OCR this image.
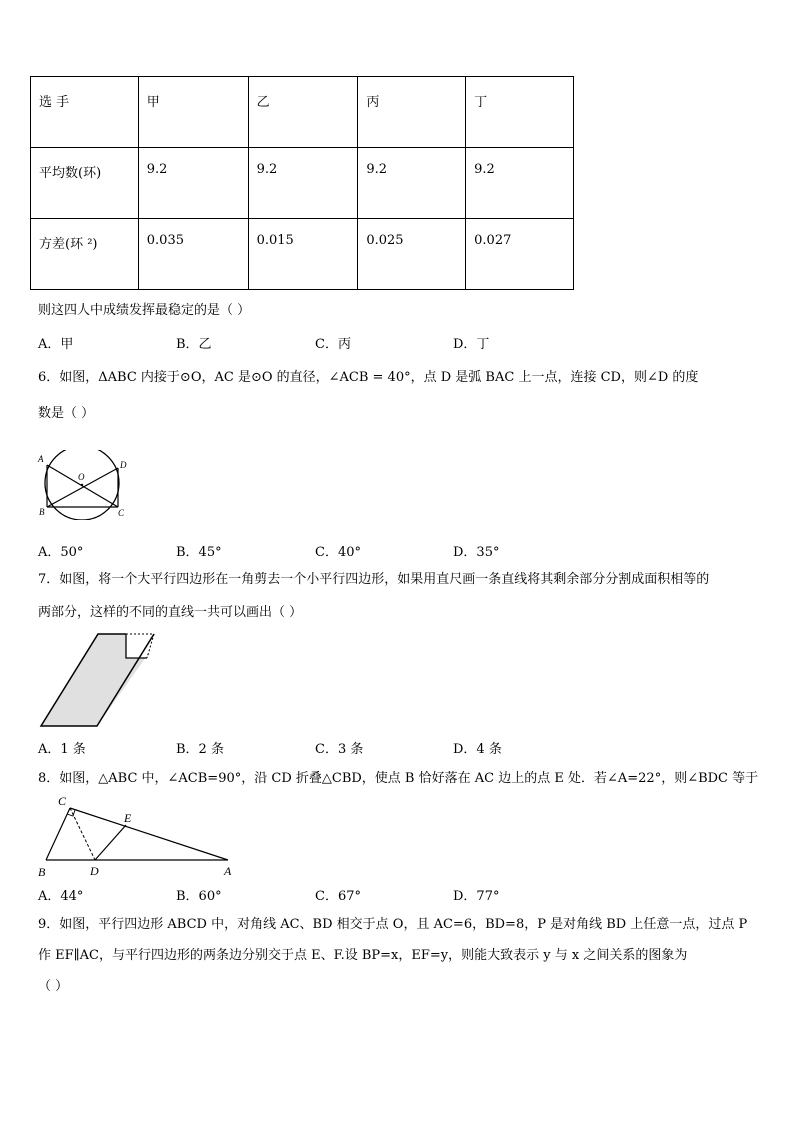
选 手	甲	乙	丙	丁
平均数(环)	9.2	9.2	9.2	9.2
方差(环 ²)	0.035	0.015	0.025	0.027
则这四人中成绩发挥最稳定的是（ ）
A．甲	B．乙	C．丙	D．丁
6．如图，ΔABC 内接于⊙O，AC 是⊙O 的直径，∠ACB = 40°，点 D 是弧 BAC 上一点，连接 CD，则∠D 的度
数是（ ）
A
O
D
B	C
A．50°	B．45°	C．40°	D．35°
7．如图，将一个大平行四边形在一角剪去一个小平行四边形，如果用直尺画一条直线将其剩余部分分割成面积相等的
两部分，这样的不同的直线一共可以画出（ ）
A．1 条	B．2 条	C．3 条	D．4 条
8．如图，△ABC 中，∠ACB=90°，沿 CD 折叠△CBD，使点 B 恰好落在 AC 边上的点 E 处．若∠A=22°，则∠BDC 等于
C
E
B	D	A
A．44°	B．60°	C．67°	D．77°
9．如图，平行四边形 ABCD 中，对角线 AC、BD 相交于点 O，且 AC=6，BD=8，P 是对角线 BD 上任意一点，过点 P
作 EF∥AC，与平行四边形的两条边分别交于点 E、F.设 BP=x，EF=y，则能大致表示 y 与 x 之间关系的图象为
（ ）
